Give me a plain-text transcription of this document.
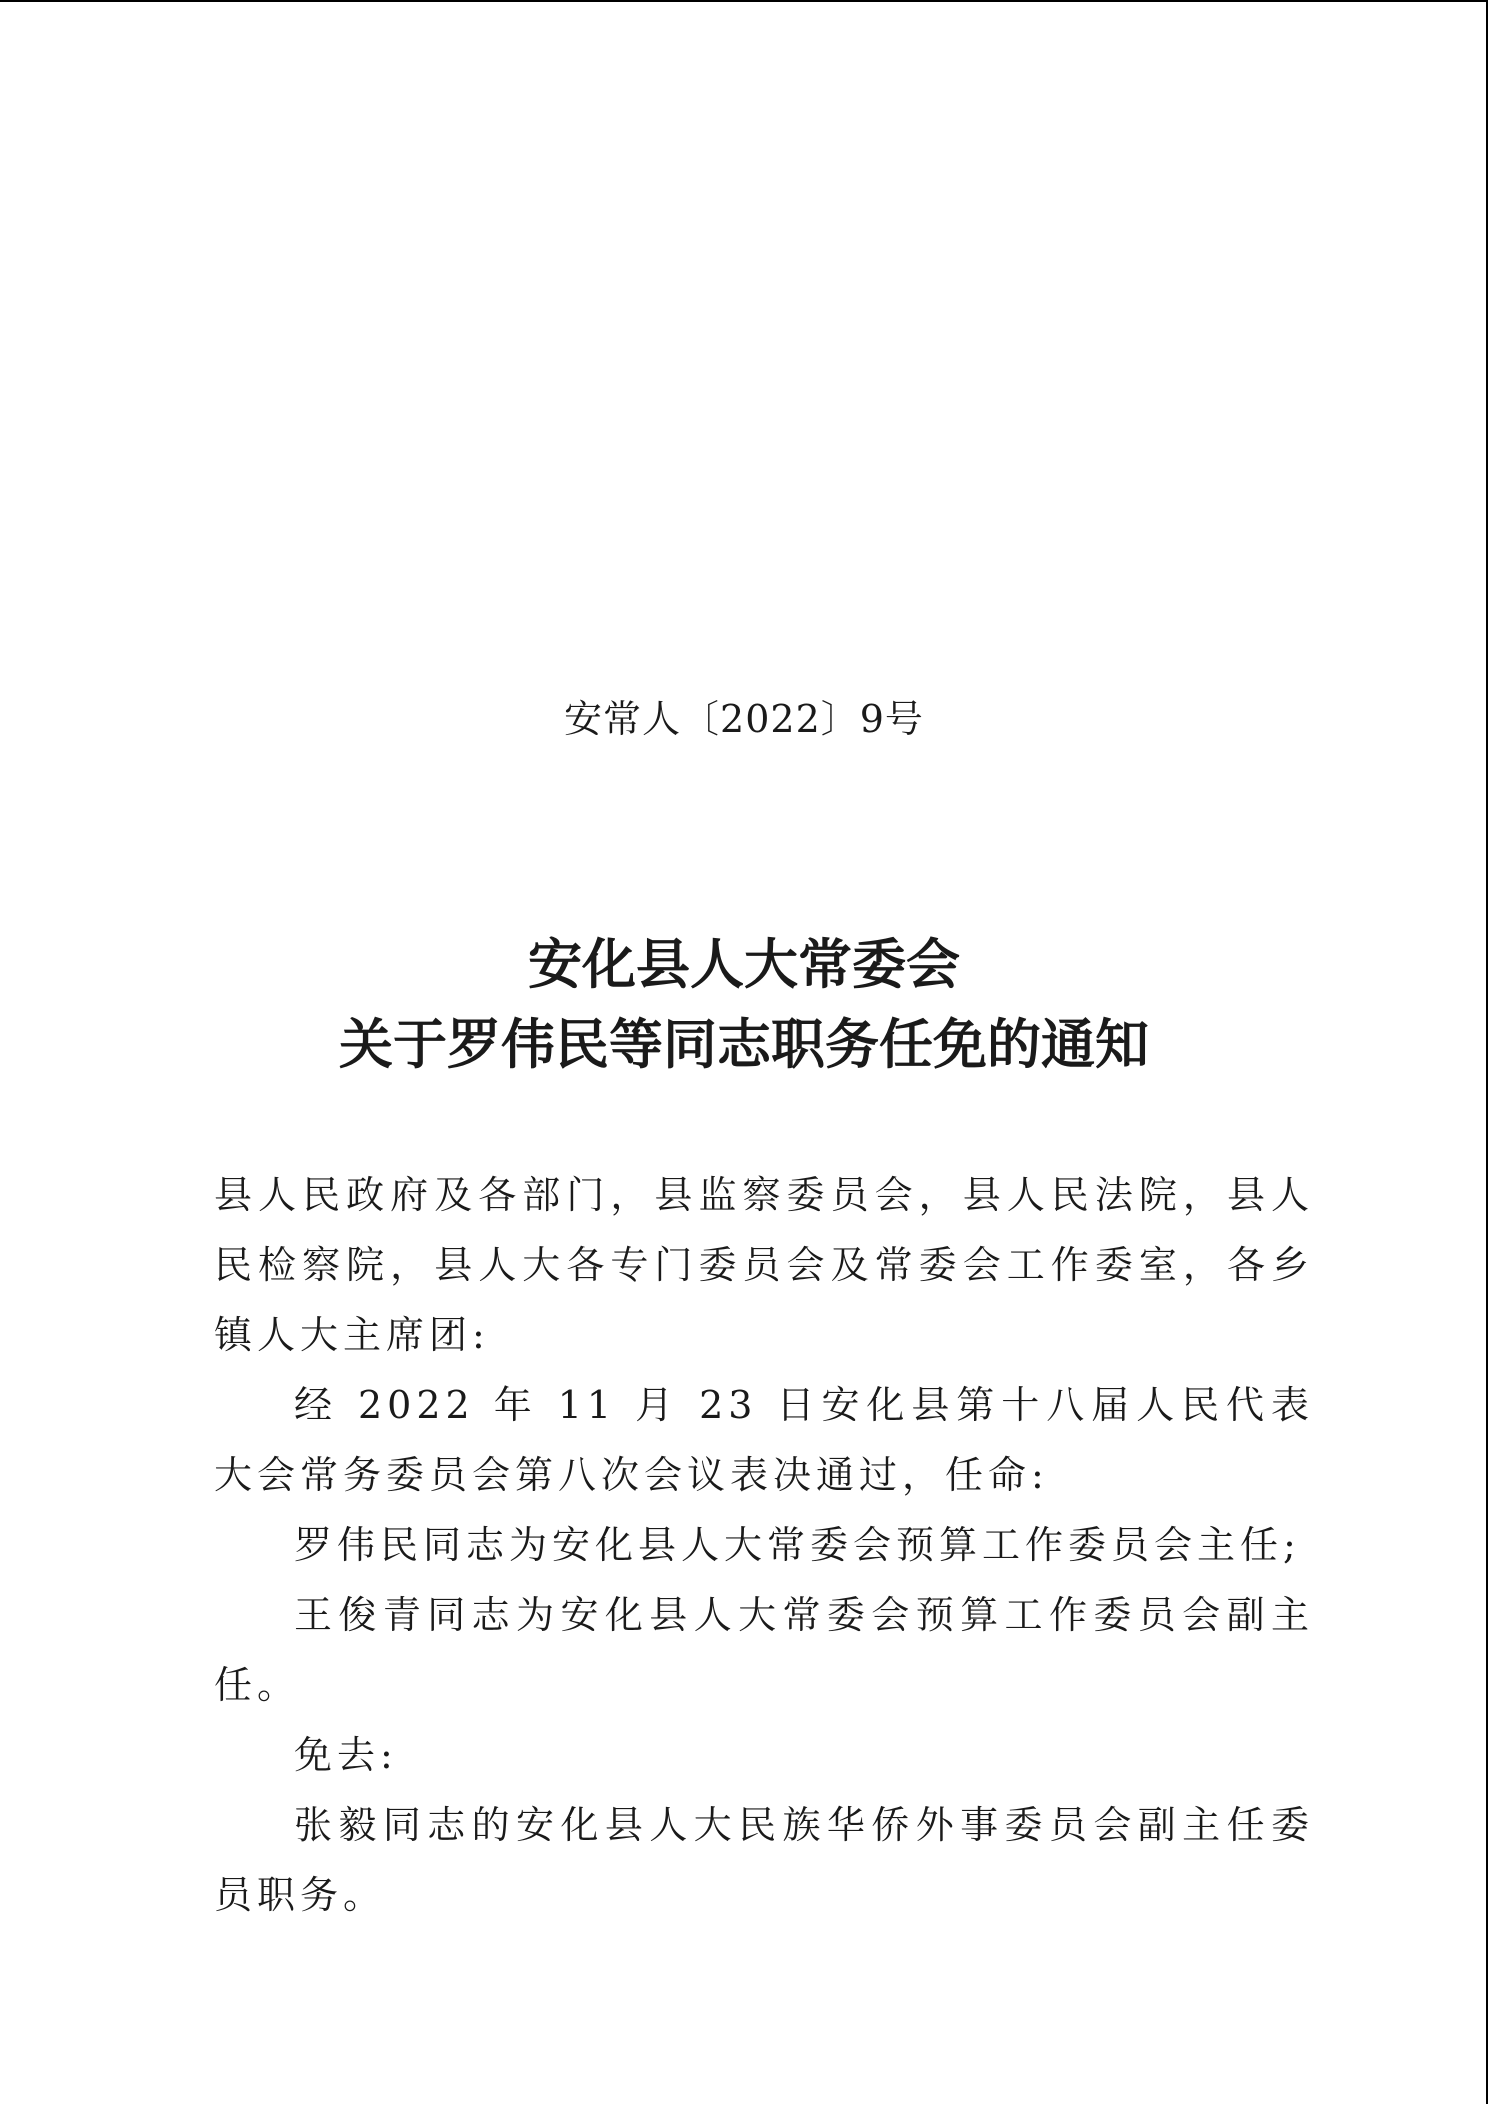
安常人〔2022〕9号
安化县人大常委会
关于罗伟民等同志职务任免的通知

县人民政府及各部门，县监察委员会，县人民法院，县人民检察院，县人大各专门委员会及常委会工作委室，各乡镇人大主席团:

经 2022 年 11 月 23 日安化县第十八届人民代表大会常务委员会第八次会议表决通过，任命:

罗伟民同志为安化县人大常委会预算工作委员会主任;

王俊青同志为安化县人大常委会预算工作委员会副主任。

免去:

张毅同志的安化县人大民族华侨外事委员会副主任委员职务。
